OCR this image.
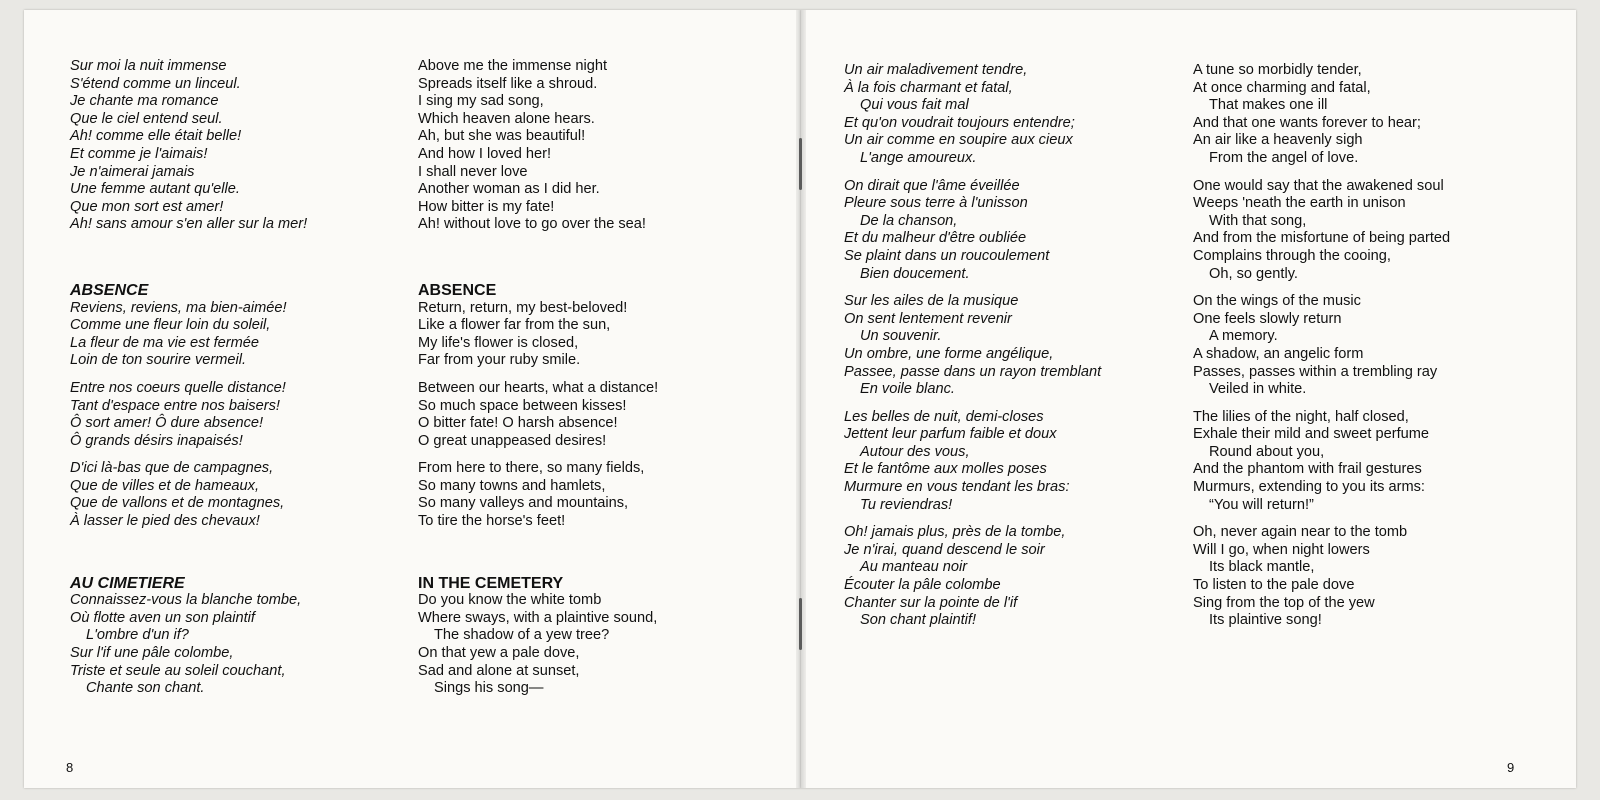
Sur moi la nuit immense
S'étend comme un linceul.
Je chante ma romance
Que le ciel entend seul.
Ah! comme elle était belle!
Et comme je l'aimais!
Je n'aimerai jamais
Une femme autant qu'elle.
Que mon sort est amer!
Ah! sans amour s'en aller sur la mer!
ABSENCE
Reviens, reviens, ma bien-aimée!
Comme une fleur loin du soleil,
La fleur de ma vie est fermée
Loin de ton sourire vermeil.
Entre nos coeurs quelle distance!
Tant d'espace entre nos baisers!
Ô sort amer! Ô dure absence!
Ô grands désirs inapaisés!
D'ici là-bas que de campagnes,
Que de villes et de hameaux,
Que de vallons et de montagnes,
À lasser le pied des chevaux!
AU CIMETIERE
Connaissez-vous la blanche tombe,
Où flotte aven un son plaintif
L'ombre d'un if?
Sur l'if une pâle colombe,
Triste et seule au soleil couchant,
Chante son chant.
Above me the immense night
Spreads itself like a shroud.
I sing my sad song,
Which heaven alone hears.
Ah, but she was beautiful!
And how I loved her!
I shall never love
Another woman as I did her.
How bitter is my fate!
Ah! without love to go over the sea!
ABSENCE
Return, return, my best-beloved!
Like a flower far from the sun,
My life's flower is closed,
Far from your ruby smile.
Between our hearts, what a distance!
So much space between kisses!
O bitter fate! O harsh absence!
O great unappeased desires!
From here to there, so many fields,
So many towns and hamlets,
So many valleys and mountains,
To tire the horse's feet!
IN THE CEMETERY
Do you know the white tomb
Where sways, with a plaintive sound,
The shadow of a yew tree?
On that yew a pale dove,
Sad and alone at sunset,
Sings his song—
Un air maladivement tendre,
À la fois charmant et fatal,
Qui vous fait mal
Et qu'on voudrait toujours entendre;
Un air comme en soupire aux cieux
L'ange amoureux.
On dirait que l'âme éveillée
Pleure sous terre à l'unisson
De la chanson,
Et du malheur d'être oubliée
Se plaint dans un roucoulement
Bien doucement.
Sur les ailes de la musique
On sent lentement revenir
Un souvenir.
Un ombre, une forme angélique,
Passee, passe dans un rayon tremblant
En voile blanc.
Les belles de nuit, demi-closes
Jettent leur parfum faible et doux
Autour des vous,
Et le fantôme aux molles poses
Murmure en vous tendant les bras:
Tu reviendras!
Oh! jamais plus, près de la tombe,
Je n'irai, quand descend le soir
Au manteau noir
Écouter la pâle colombe
Chanter sur la pointe de l'if
Son chant plaintif!
A tune so morbidly tender,
At once charming and fatal,
That makes one ill
And that one wants forever to hear;
An air like a heavenly sigh
From the angel of love.
One would say that the awakened soul
Weeps 'neath the earth in unison
With that song,
And from the misfortune of being parted
Complains through the cooing,
Oh, so gently.
On the wings of the music
One feels slowly return
A memory.
A shadow, an angelic form
Passes, passes within a trembling ray
Veiled in white.
The lilies of the night, half closed,
Exhale their mild and sweet perfume
Round about you,
And the phantom with frail gestures
Murmurs, extending to you its arms:
“You will return!”
Oh, never again near to the tomb
Will I go, when night lowers
Its black mantle,
To listen to the pale dove
Sing from the top of the yew
Its plaintive song!
8	9
